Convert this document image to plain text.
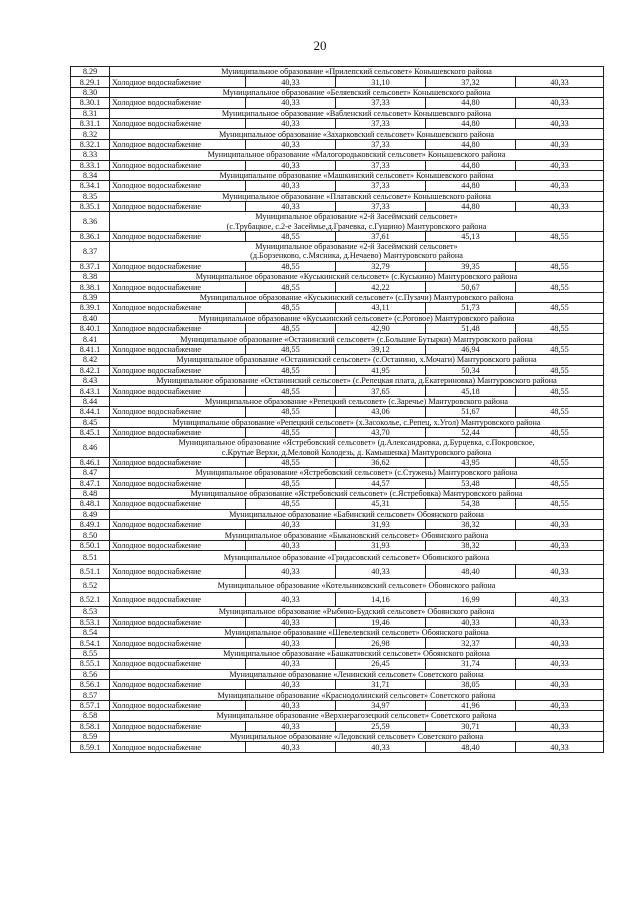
20
8.29	Муниципальное образование «Прилепский сельсовет» Конышевского района				
8.29.1	Холодное водоснабжение	40,33	31,10	37,32	40,33
8.30	Муниципальное образование «Беляевский сельсовет» Конышевского района				
8.30.1	Холодное водоснабжение	40,33	37,33	44,80	40,33
8.31	Муниципальное образование «Вабленский сельсовет» Конышевского района				
8.31.1	Холодное водоснабжение	40,33	37,33	44,80	40,33
8.32	Муниципальное образование «Захарковский сельсовет» Конышевского района				
8.32.1	Холодное водоснабжение	40,33	37,33	44,80	40,33
8.33	Муниципальное образование «Малогородьковский сельсовет» Конышевского района				
8.33.1	Холодное водоснабжение	40,33	37,33	44,80	40,33
8.34	Муниципальное образование «Машкинский сельсовет» Конышевского района				
8.34.1	Холодное водоснабжение	40,33	37,33	44,80	40,33
8.35	Муниципальное образование «Платавский сельсовет» Конышевского района				
8.35.1	Холодное водоснабжение	40,33	37,33	44,80	40,33
8.36	Муниципальное образование «2-й Засеймский сельсовет»
(с.Трубацкое, с.2-е Засеймье,д.Грачевка, с.Гущино) Мантуровского района				

8.36.1	Холодное водоснабжение	48,55	37,61	45,13	48,55
8.37	Муниципальное образование «2-й Засеймский сельсовет»
(д.Борзенково, с.Мясника, д.Нечаево) Мантуровского района				

8.37.1	Холодное водоснабжение	48,55	32,79	39,35	48,55
8.38	Муниципальное образование «Куськинский сельсовет» (с.Куськино) Мантуровского района				
8.38.1	Холодное водоснабжение	48,55	42,22	50,67	48,55
8.39	Муниципальное образование «Куськинский сельсовет» (с.Пузачи) Мантуровского района				
8.39.1	Холодное водоснабжение	48,55	43,11	51,73	48,55
8.40	Муниципальное образование «Куськинский сельсовет» (с.Роговое) Мантуровского района				
8.40.1	Холодное водоснабжение	48,55	42,90	51,48	48,55
8.41	Муниципальное образование «Останинский сельсовет» (с.Большие Бутырки) Мантуровского района				
8.41.1	Холодное водоснабжение	48,55	39,12	46,94	48,55
8.42	Муниципальное образование «Останинский сельсовет» (с.Останино, х.Мочаги) Мантуровского района				
8.42.1	Холодное водоснабжение	48,55	41,95	50,34	48,55
8.43	Муниципальное образование «Останинский сельсовет» (с.Репецкая плата, д.Екатериновка) Мантуровского района				
8.43.1	Холодное водоснабжение	48,55	37,65	45,18	48,55
8.44	Муниципальное образование «Репецкий сельсовет» (с.Заречье) Мантуровского района				
8.44.1	Холодное водоснабжение	48,55	43,06	51,67	48,55
8.45	Муниципальное образование «Репецкий сельсовет» (х.Засоколье, с.Репец, х.Угол) Мантуровского района				
8.45.1	Холодное водоснабжение	48,55	43,70	52,44	48,55
8.46	Муниципальное образование «Ястребовский сельсовет» (д.Александровка, д.Бурцевка, с.Покровское,
с.Крутые Верхи, д.Меловой Колодезь, д. Камышенка) Мантуровского района				

8.46.1	Холодное водоснабжение	48,55	36,62	43,95	48,55
8.47	Муниципальное образование «Ястребовский сельсовет» (с.Стужень) Мантуровского района				
8.47.1	Холодное водоснабжение	48,55	44,57	53,48	48,55
8.48	Муниципальное образование «Ястребовский сельсовет» (с.Ястребовка) Мантуровского района				
8.48.1	Холодное водоснабжение	48,55	45,31	54,38	48,55
8.49	Муниципальное образование «Бабинский сельсовет» Обоянского района				
8.49.1	Холодное водоснабжение	40,33	31,93	38,32	40,33
8.50	Муниципальное образование «Быкановский сельсовет» Обоянского района				
8.50.1	Холодное водоснабжение	40,33	31,93	38,32	40,33
8.51	Муниципальное образование «Гридасовский сельсовет» Обоянского района				
8.51.1	Холодное водоснабжение	40,33	40,33	48,40	40,33
8.52	Муниципальное образование «Котельниковский сельсовет» Обоянского района				
8.52.1	Холодное водоснабжение	40,33	14,16	16,99	40,33
8.53	Муниципальное образование «Рыбино-Будский сельсовет» Обоянского района				
8.53.1	Холодное водоснабжение	40,33	19,46	40,33	40,33
8.54	Муниципальное образование «Шевелевский сельсовет» Обоянского района				
8.54.1	Холодное водоснабжение	40,33	26,98	32,37	40,33
8.55	Муниципальное образование «Башкатовский сельсовет» Обоянского района				
8.55.1	Холодное водоснабжение	40,33	26,45	31,74	40,33
8.56	Муниципальное образование «Ленинский сельсовет» Советского района				
8.56.1	Холодное водоснабжение	40,33	31,71	38,05	40,33
8.57	Муниципальное образование «Краснодолинский сельсовет» Советского района				
8.57.1	Холодное водоснабжение	40,33	34,97	41,96	40,33
8.58	Муниципальное образование «Верхнерагозецкий сельсовет» Советского района				
8.58.1	Холодное водоснабжение	40,33	25,59	30,71	40,33
8.59	Муниципальное образование «Ледовский сельсовет» Советского района				
8.59.1	Холодное водоснабжение	40,33	40,33	48,40	40,33
